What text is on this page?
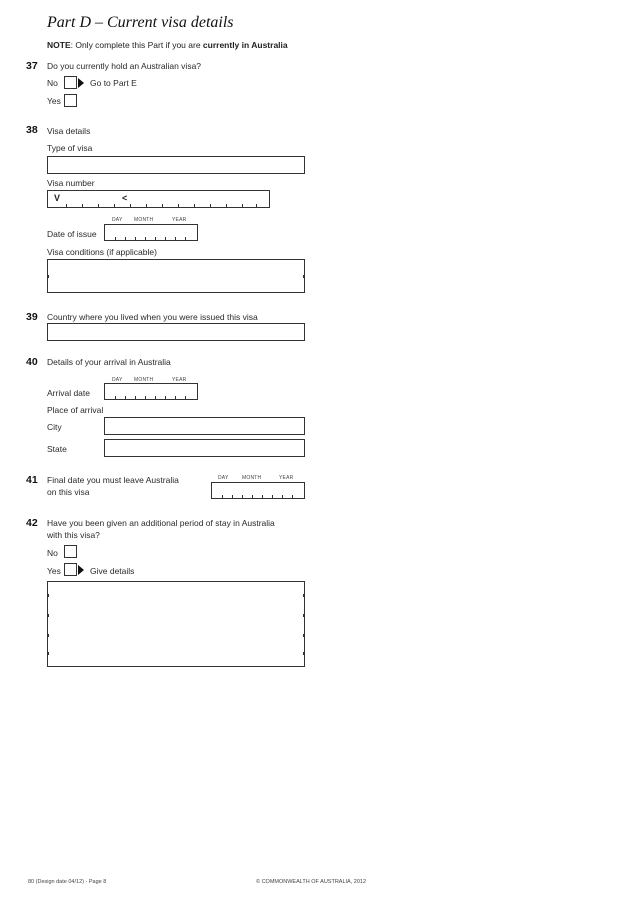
Part D – Current visa details
NOTE: Only complete this Part if you are currently in Australia
37 Do you currently hold an Australian visa?
No	Go to Part E
Yes
38 Visa details
Type of visa
Visa number
V	<
DAY MONTH	YEAR
Date of issue
Visa conditions (if applicable)
39 Country where you lived when you were issued this visa
40 Details of your arrival in Australia
DAY MONTH	YEAR
Arrival date
Place of arrival
City
State
41 Final date you must leave Australia
on this visa
DAY	MONTH	YEAR
42 Have you been given an additional period of stay in Australia
with this visa?
No
Yes	Give details
80 (Design date 04/12) - Page 8	© COMMONWEALTH OF AUSTRALIA, 2012
